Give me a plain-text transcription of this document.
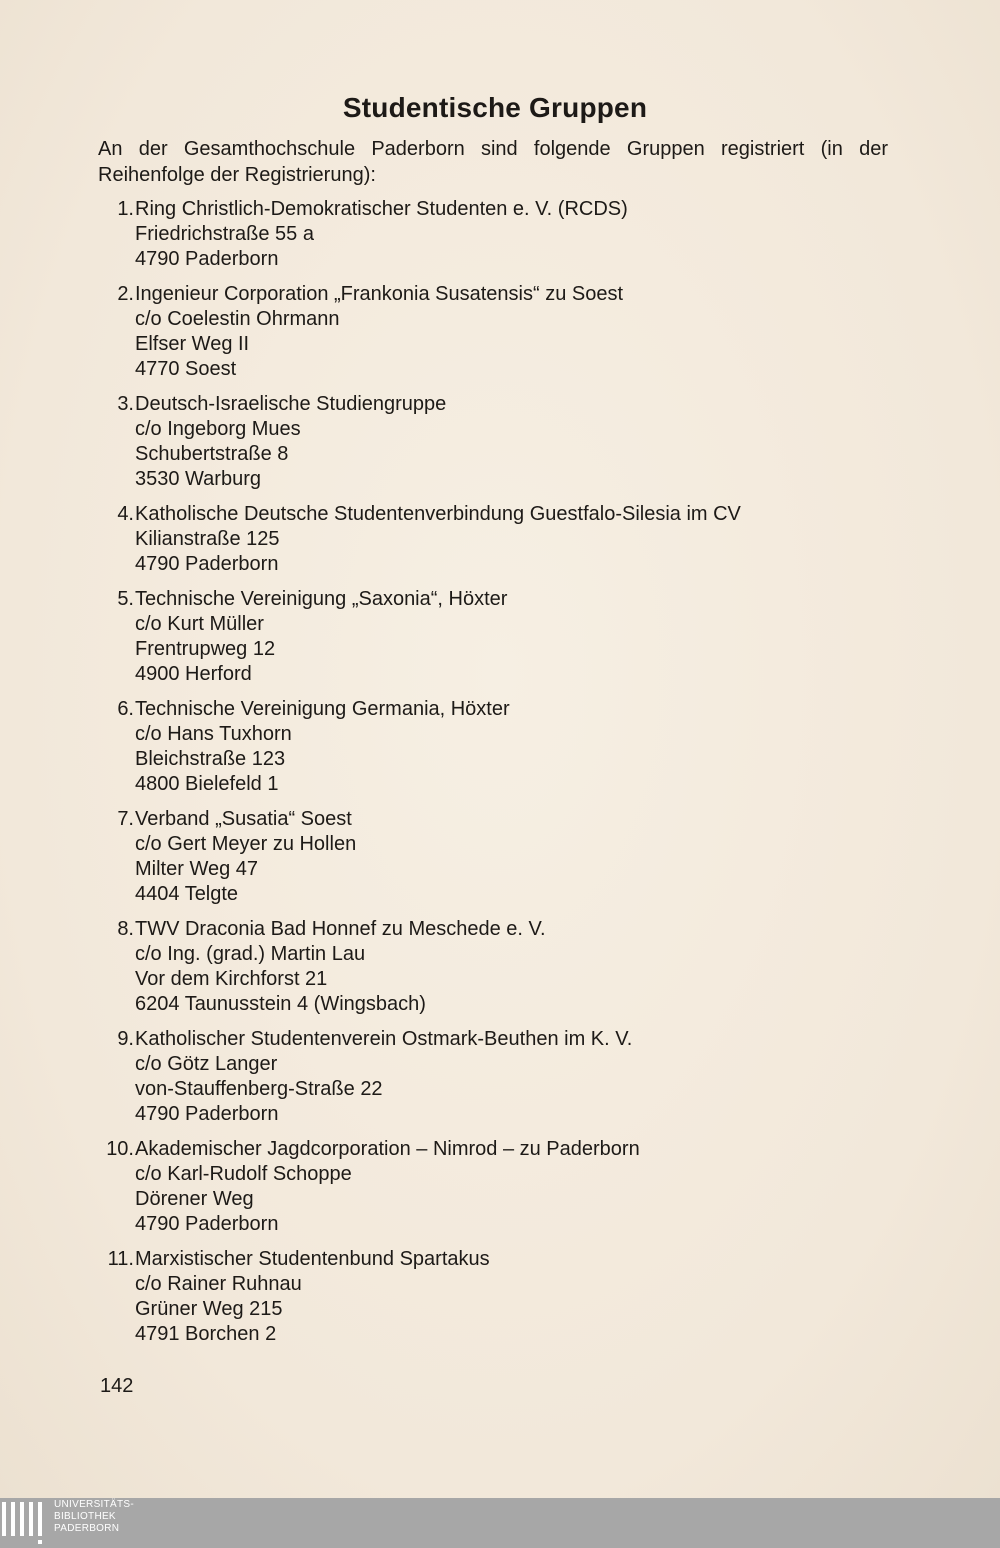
Studentische Gruppen

An der Gesamthochschule Paderborn sind folgende Gruppen registriert (in der Reihenfolge der Registrierung):

1. Ring Christlich-Demokratischer Studenten e. V. (RCDS)
Friedrichstraße 55 a
4790 Paderborn
2. Ingenieur Corporation „Frankonia Susatensis“ zu Soest
c/o Coelestin Ohrmann
Elfser Weg II
4770 Soest
3. Deutsch-Israelische Studiengruppe
c/o Ingeborg Mues
Schubertstraße 8
3530 Warburg
4. Katholische Deutsche Studentenverbindung Guestfalo-Silesia im CV
Kilianstraße 125
4790 Paderborn
5. Technische Vereinigung „Saxonia“, Höxter
c/o Kurt Müller
Frentrupweg 12
4900 Herford
6. Technische Vereinigung Germania, Höxter
c/o Hans Tuxhorn
Bleichstraße 123
4800 Bielefeld 1
7. Verband „Susatia“ Soest
c/o Gert Meyer zu Hollen
Milter Weg 47
4404 Telgte
8. TWV Draconia Bad Honnef zu Meschede e. V.
c/o Ing. (grad.) Martin Lau
Vor dem Kirchforst 21
6204 Taunusstein 4 (Wingsbach)
9. Katholischer Studentenverein Ostmark-Beuthen im K. V.
c/o Götz Langer
von-Stauffenberg-Straße 22
4790 Paderborn
10. Akademischer Jagdcorporation – Nimrod – zu Paderborn
c/o Karl-Rudolf Schoppe
Dörener Weg
4790 Paderborn
11. Marxistischer Studentenbund Spartakus
c/o Rainer Ruhnau
Grüner Weg 215
4791 Borchen 2
142
UNIVERSITÄTS-
BIBLIOTHEK
PADERBORN
